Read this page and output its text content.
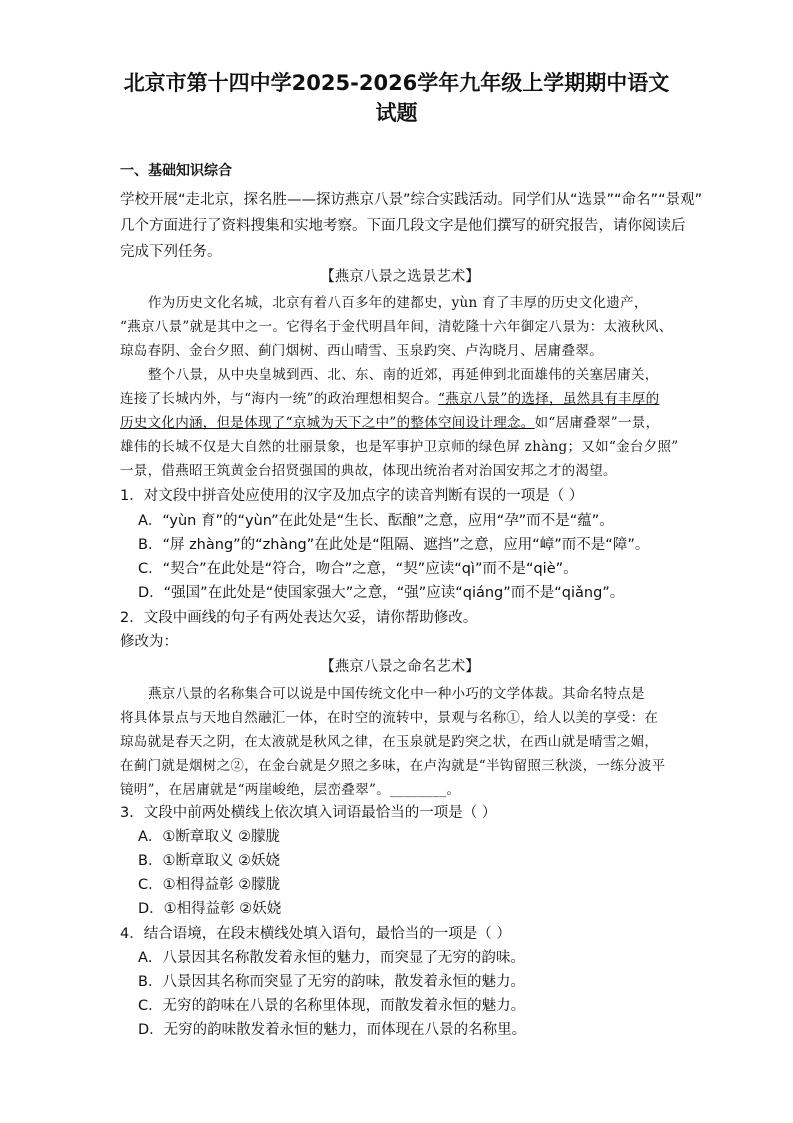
北京市第十四中学2025-2026学年九年级上学期期中语文
试题
一、基础知识综合
学校开展“走北京，探名胜——探访燕京八景”综合实践活动。同学们从“选景”“命名”“景观”
几个方面进行了资料搜集和实地考察。下面几段文字是他们撰写的研究报告，请你阅读后
完成下列任务。
【燕京八景之选景艺术】
作为历史文化名城，北京有着八百多年的建都史，yùn 育了丰厚的历史文化遗产，
“燕京八景”就是其中之一。它得名于金代明昌年间，清乾隆十六年御定八景为：太液秋风、
琼岛春阴、金台夕照、蓟门烟树、西山晴雪、玉泉趵突、卢沟晓月、居庸叠翠。
整个八景，从中央皇城到西、北、东、南的近郊，再延伸到北面雄伟的关塞居庸关，
连接了长城内外，与“海内一统”的政治理想相契合。“燕京八景”的选择，虽然具有丰厚的
历史文化内涵，但是体现了“京城为天下之中”的整体空间设计理念。如“居庸叠翠”一景，
雄伟的长城不仅是大自然的壮丽景象，也是军事护卫京师的绿色屏 zhàng；又如“金台夕照”
一景，借燕昭王筑黄金台招贤强国的典故，体现出统治者对治国安邦之才的渴望。
1．对文段中拼音处应使用的汉字及加点字的读音判断有误的一项是（ ）
A．“yùn 育”的“yùn”在此处是“生长、酝酿”之意，应用“孕”而不是“蕴”。
B．“屏 zhàng”的“zhàng”在此处是“阻隔、遮挡”之意，应用“嶂”而不是“障”。
C．“契合”在此处是“符合，吻合”之意，“契”应读“qì”而不是“qiè”。
D．“强国”在此处是“使国家强大”之意，“强”应读“qiáng”而不是“qiǎng”。
2．文段中画线的句子有两处表达欠妥，请你帮助修改。
修改为：
【燕京八景之命名艺术】
燕京八景的名称集合可以说是中国传统文化中一种小巧的文学体裁。其命名特点是
将具体景点与天地自然融汇一体，在时空的流转中，景观与名称①，给人以美的享受：在
琼岛就是春天之阴，在太液就是秋风之律，在玉泉就是趵突之状，在西山就是晴雪之媚，
在蓟门就是烟树之②，在金台就是夕照之多味，在卢沟就是“半钩留照三秋淡，一练分波平
镜明”，在居庸就是“两崖峻绝，层峦叠翠”。________。
3．文段中前两处横线上依次填入词语最恰当的一项是（ ）
A．①断章取义 ②朦胧
B．①断章取义 ②妖娆
C．①相得益彰 ②朦胧
D．①相得益彰 ②妖娆
4．结合语境，在段末横线处填入语句，最恰当的一项是（ ）
A．八景因其名称散发着永恒的魅力，而突显了无穷的韵味。
B．八景因其名称而突显了无穷的韵味，散发着永恒的魅力。
C．无穷的韵味在八景的名称里体现，而散发着永恒的魅力。
D．无穷的韵味散发着永恒的魅力，而体现在八景的名称里。
